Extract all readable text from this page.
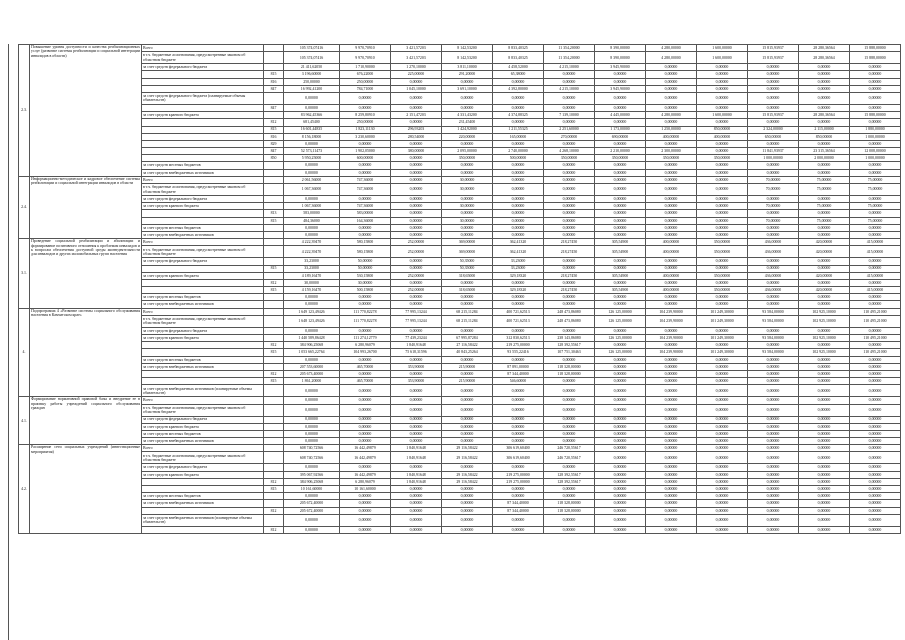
2.3.	Повышение уровня доступности и качества реабилитационных услуг (развитие системы реабилитации и социальной интеграции инвалидов в области)	Всего		105 374,07416	9 970,70910	3 421,57203	8 142,53200	8 833,40325	11 354,20000	8 390,00000	4 280,00000	1 600,00000	15 815,93937	28 280,36564	15 888,00000
		в т.ч. бюджетные ассигнования, предусмотренные законом об областном бюджете		105 374,07416	9 970,70910	3 421,57203	8 142,53200	8 833,40325	11 354,20000	8 390,00000	4 280,00000	1 600,00000	15 815,93937	28 280,36564	15 888,00000
		за счет средств федерального бюджета		21 411,62050	1 710,90000	1 270,10000	3 811,10000	4 458,52000	4 215,10000	3 945,90000	0,00000	0,00000	0,00000	0,00000	0,00000
			815	3 196,60000	676,22000	225,00000	291,20000	65,38000	0,00000	0,00000	0,00000	0,00000	0,00000	0,00000	0,00000
			816	250,00000	250,00000	0,00000	0,00000	0,00000	0,00000	0,00000	0,00000	0,00000	0,00000	0,00000	0,00000
			847	16 992,41200	784,71000	1 045,10000	3 691,10000	4 392,80000	4 215,10000	3 945,90000	0,00000	0,00000	0,00000	0,00000	0,00000
		за счет средств федерального бюджета (планируемые объемы обязательств)		0,00000	0,00000	0,00000	0,00000	0,00000	0,00000	0,00000	0,00000	0,00000	0,00000	0,00000	0,00000
			847	0,00000	0,00000	0,00000	0,00000	0,00000	0,00000	0,00000	0,00000	0,00000	0,00000	0,00000	0,00000
		за счет средств краевого бюджета		83 962,45366	8 259,80910	2 151,47203	4 331,43200	4 374,88325	7 139,10000	4 445,00000	4 280,00000	1 600,00000	15 815,93937	28 280,36564	15 888,00000
			812	681,45400	250,00000	0,00000	231,45400	0,00000	0,00000	0,00000	0,00000	0,00000	0,00000	0,00000	0,00000
			815	16 601,44835	1 823,11130	296,93203	1 424,92000	1 211,55325	2 251,60000	1 173,00000	1 250,00000	850,00000	2 324,00000	2 115,00000	1 880,00000
			816	8 156,18000	3 230,60000	280,54000	220,00000	165,00000	270,00000	690,00000	400,00000	400,00000	650,00000	850,00000	1 000,00000
			829	0,00000	0,00000	0,00000	0,00000	0,00000	0,00000	0,00000	0,00000	0,00000	0,00000	0,00000	0,00000
			847	52 573,11473	1 902,05000	380,00000	2 095,00000	2 740,00000	4 268,10000	2 210,00000	2 300,00000	0,00000	11 841,93937	23 315,36564	12 008,00000
			850	5 950,25000	600,00000	0,00000	350,00000	500,00000	350,00000	350,00000	350,00000	350,00000	1 000,00000	2 000,00000	1 000,00000
		за счет средств местных бюджетов		0,00000	0,00000	0,00000	0,00000	0,00000	0,00000	0,00000	0,00000	0,00000	0,00000	0,00000	0,00000
		за счет средств внебюджетных источников		0,00000	0,00000	0,00000	0,00000	0,00000	0,00000	0,00000	0,00000	0,00000	0,00000	0,00000	0,00000
2.4.	Информационно-методическое и кадровое обеспечение системы реабилитации и социальной интеграции инвалидов в области	Всего		2 061,56000	747,36000	0,00000	30,00000	0,00000	0,00000	0,00000	0,00000	0,00000	70,00000	75,00000	75,00000
		в т.ч. бюджетные ассигнования, предусмотренные законом об областном бюджете		1 067,36000	747,36000	0,00000	30,00000	0,00000	0,00000	0,00000	0,00000	0,00000	70,00000	75,00000	75,00000
		за счет средств федерального бюджета		0,00000	0,00000	0,00000	0,00000	0,00000	0,00000	0,00000	0,00000	0,00000	0,00000	0,00000	0,00000
		за счет средств краевого бюджета		1 067,36000	747,36000	0,00000	30,00000	0,00000	0,00000	0,00000	0,00000	0,00000	70,00000	75,00000	75,00000
			813	583,00000	583,00000	0,00000	0,00000	0,00000	0,00000	0,00000	0,00000	0,00000	0,00000	0,00000	0,00000
			815	484,36000	164,36000	0,00000	30,00000	0,00000	0,00000	0,00000	0,00000	0,00000	70,00000	75,00000	75,00000
		за счет средств местных бюджетов		0,00000	0,00000	0,00000	0,00000	0,00000	0,00000	0,00000	0,00000	0,00000	0,00000	0,00000	0,00000
		за счет средств внебюджетных источников		0,00000	0,00000	0,00000	0,00000	0,00000	0,00000	0,00000	0,00000	0,00000	0,00000	0,00000	0,00000
3.1.	Проведение социальной реабилитации и абилитации и формирование позитивного отношения к проблемам инвалидов и к вопросам обеспечения доступной среды жизнедеятельности для инвалидов и других маломобильных групп населения	Всего		4 222,39470	580,15800	252,00000	369,00000	362,41320	218,27450	305,54900	400,00000	350,00000	436,00000	420,00000	415,00000
		в т.ч. бюджетные ассигнования, предусмотренные законом об областном бюджете		4 222,39470	580,15800	252,00000	369,00000	362,41320	218,27450	305,54900	400,00000	350,00000	436,00000	420,00000	415,00000
		за счет средств федерального бюджета		33,23000	50,00000	0,00000	50,35000	33,23000	0,00000	0,00000	0,00000	0,00000	0,00000	0,00000	0,00000
			815	33,23000	50,00000	0,00000	50,35000	33,23000	0,00000	0,00000	0,00000	0,00000	0,00000	0,00000	0,00000
		за счет средств краевого бюджета		4 189,16470	530,15800	252,00000	318,65000	329,18320	218,27450	305,54900	400,00000	350,00000	436,00000	420,00000	415,00000
			812	30,00000	30,00000	0,00000	0,00000	0,00000	0,00000	0,00000	0,00000	0,00000	0,00000	0,00000	0,00000
			815	4 159,16470	500,15800	252,00000	318,65000	329,18320	218,27450	305,54900	400,00000	350,00000	436,00000	420,00000	415,00000
		за счет средств местных бюджетов		0,00000	0,00000	0,00000	0,00000	0,00000	0,00000	0,00000	0,00000	0,00000	0,00000	0,00000	0,00000
		за счет средств внебюджетных источников		0,00000	0,00000	0,00000	0,00000	0,00000	0,00000	0,00000	0,00000	0,00000	0,00000	0,00000	0,00000
4.	Подпрограмма 4 «Развитие системы социального обслуживания населения в Камчатском крае»	Всего		1 649 123,49426	111 770,82278	77 995,13244	68 215,11284	400 721,62513	248 473,86080	126 125,00000	104 239,90000	101 249,30000	93 584,00000	102 925,10000	110 495,21000
		в т.ч. бюджетные ассигнования, предусмотренные законом об областном бюджете		1 648 123,49426	111 770,82278	77 995,13244	68 215,11284	400 721,62513	248 473,86080	126 125,00000	104 239,90000	101 249,30000	93 584,00000	102 925,10000	110 495,21000
		за счет средств федерального бюджета		0,00000	0,00000	0,00000	0,00000	0,00000	0,00000	0,00000	0,00000	0,00000	0,00000	0,00000	0,00000
		за счет средств краевого бюджета		1 440 589,86428	111 274,12779	77 439,23244	67 995,87284	312 830,62513	238 143,86080	126 125,00000	104 239,90000	101 249,30000	93 584,00000	102 925,10000	110 495,21000
			812	384 906,25068	6 280,96079	1 840,91648	27 116,58422	219 275,00000	128 392,55617	0,00000	0,00000	0,00000	0,00000	0,00000	0,00000
			815	1 053 665,22764	104 993,26700	75 618,31596	40 843,25264	93 555,22416	107 751,30463	126 125,00000	104 239,90000	101 249,30000	93 584,00000	102 925,10000	110 495,21000
		за счет средств местных бюджетов		0,00000	0,00000	0,00000	0,00000	0,00000	0,00000	0,00000	0,00000	0,00000	0,00000	0,00000	0,00000
		за счет средств внебюджетных источников		207 553,60000	465,70000	353,90000	215,90000	87 891,00000	118 328,00000	0,00000	0,00000	0,00000	0,00000	0,00000	0,00000
			812	205 673,40000	0,00000	0,00000	0,00000	87 344,40000	118 328,00000	0,00000	0,00000	0,00000	0,00000	0,00000	0,00000
			815	1 861,20000	465,70000	353,90000	215,90000	546,60000	0,00000	0,00000	0,00000	0,00000	0,00000	0,00000	0,00000
		за счет средств внебюджетных источников (планируемые объемы обязательств)		0,00000	0,00000	0,00000	0,00000	0,00000	0,00000	0,00000	0,00000	0,00000	0,00000	0,00000	0,00000
4.1.	Формирование нормативной правовой базы и внедрение ее в практику работы учреждений социального обслуживания граждан	Всего		0,00000	0,00000	0,00000	0,00000	0,00000	0,00000	0,00000	0,00000	0,00000	0,00000	0,00000	0,00000
		в т.ч. бюджетные ассигнования, предусмотренные законом об областном бюджете		0,00000	0,00000	0,00000	0,00000	0,00000	0,00000	0,00000	0,00000	0,00000	0,00000	0,00000	0,00000
		за счет средств федерального бюджета		0,00000	0,00000	0,00000	0,00000	0,00000	0,00000	0,00000	0,00000	0,00000	0,00000	0,00000	0,00000
		за счет средств краевого бюджета		0,00000	0,00000	0,00000	0,00000	0,00000	0,00000	0,00000	0,00000	0,00000	0,00000	0,00000	0,00000
		за счет средств местных бюджетов		0,00000	0,00000	0,00000	0,00000	0,00000	0,00000	0,00000	0,00000	0,00000	0,00000	0,00000	0,00000
		за счет средств внебюджетных источников		0,00000	0,00000	0,00000	0,00000	0,00000	0,00000	0,00000	0,00000	0,00000	0,00000	0,00000	0,00000
4.2.	Расширение сети социальных учреждений (инвестиционные мероприятия)	Всего		608 740,72566	16 442,49879	1 840,91648	29 116,58422	306 619,60400	246 720,55617	0,00000	0,00000	0,00000	0,00000	0,00000	0,00000
		в т.ч. бюджетные ассигнования, предусмотренные законом об областном бюджете		608 740,72566	16 442,49879	1 840,91648	29 116,58422	306 619,60400	246 720,55617	0,00000	0,00000	0,00000	0,00000	0,00000	0,00000
		за счет средств федерального бюджета		0,00000	0,00000	0,00000	0,00000	0,00000	0,00000	0,00000	0,00000	0,00000	0,00000	0,00000	0,00000
		за счет средств краевого бюджета		395 067,92566	16 442,49879	1 840,91648	29 116,58422	219 275,00000	128 392,55617	0,00000	0,00000	0,00000	0,00000	0,00000	0,00000
			812	384 906,25068	6 280,96079	1 840,91648	29 116,58422	219 275,00000	128 392,55617	0,00000	0,00000	0,00000	0,00000	0,00000	0,00000
			815	10 161,60000	10 161,60000	0,00000	0,00000	0,00000	0,00000	0,00000	0,00000	0,00000	0,00000	0,00000	0,00000
		за счет средств местных бюджетов		0,00000	0,00000	0,00000	0,00000	0,00000	0,00000	0,00000	0,00000	0,00000	0,00000	0,00000	0,00000
		за счет средств внебюджетных источников		205 672,40000	0,00000	0,00000	0,00000	87 344,40000	118 328,00000	0,00000	0,00000	0,00000	0,00000	0,00000	0,00000
			812	205 672,40000	0,00000	0,00000	0,00000	87 344,40000	118 328,00000	0,00000	0,00000	0,00000	0,00000	0,00000	0,00000
		за счет средств внебюджетных источников (планируемые объемы обязательств)		0,00000	0,00000	0,00000	0,00000	0,00000	0,00000	0,00000	0,00000	0,00000	0,00000	0,00000	0,00000
			812	0,00000	0,00000	0,00000	0,00000	0,00000	0,00000	0,00000	0,00000	0,00000	0,00000	0,00000	0,00000
